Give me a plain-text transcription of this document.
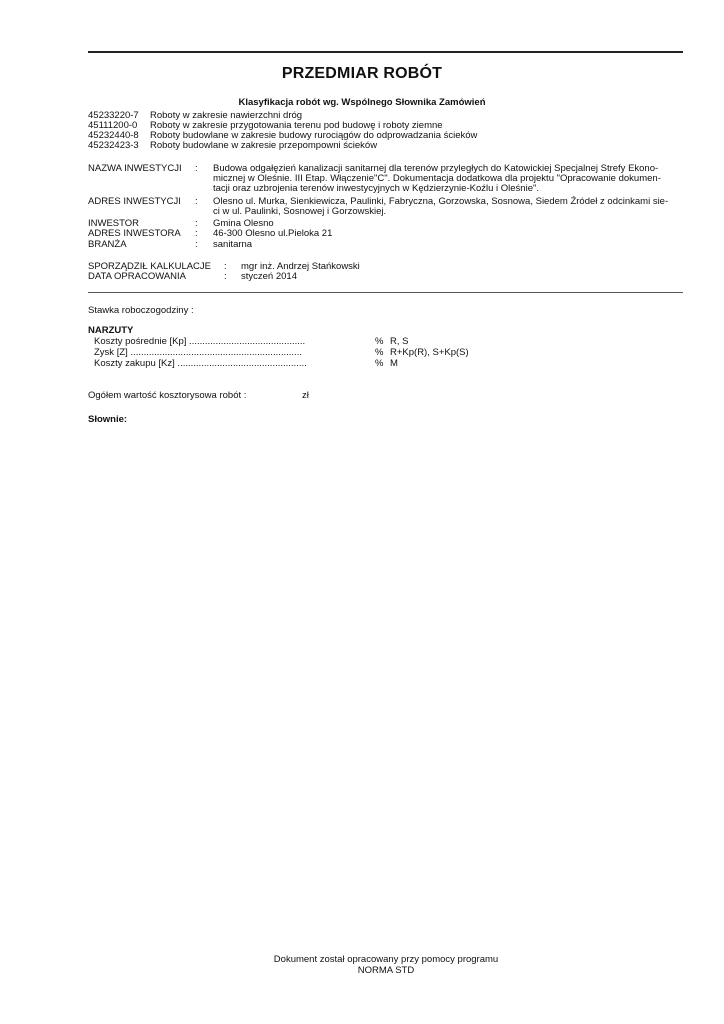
PRZEDMIAR ROBÓT
Klasyfikacja robót wg. Wspólnego Słownika Zamówień
45233220-7 Roboty w zakresie nawierzchni dróg
45111200-0 Roboty w zakresie przygotowania terenu pod budowę i roboty ziemne
45232440-8 Roboty budowlane w zakresie budowy rurociągów do odprowadzania ścieków
45232423-3 Roboty budowlane w zakresie przepompowni ścieków
NAZWA INWESTYCJI : Budowa odgałęzień kanalizacji sanitarnej dla terenów przyległych do Katowickiej Specjalnej Strefy Ekono-
micznej w Oleśnie. III Etap. Włączenie"C". Dokumentacja dodatkowa dla projektu "Opracowanie dokumen-
tacji oraz uzbrojenia terenów inwestycyjnych w Kędzierzynie-Koźlu i Oleśnie".
ADRES INWESTYCJI : Olesno ul. Murka, Sienkiewicza, Paulinki, Fabryczna, Gorzowska, Sosnowa, Siedem Źródeł z odcinkami sie-
ci w ul. Paulinki, Sosnowej i Gorzowskiej.
INWESTOR	: Gmina Olesno
ADRES INWESTORA : 46-300 Olesno ul.Pieloka 21
BRANŻA	: sanitarna
SPORZĄDZIŁ KALKULACJE : mgr inż. Andrzej Stańkowski
DATA OPRACOWANIA	: styczeń 2014
Stawka roboczogodziny :
NARZUTY
Koszty pośrednie [Kp] ............................................	% R, S
Zysk [Z] .................................................................	% R+Kp(R), S+Kp(S)
Koszty zakupu [Kz] .................................................	% M
Ogółem wartość kosztorysowa robót :	zł
Słownie:
Dokument został opracowany przy pomocy programu
NORMA STD
